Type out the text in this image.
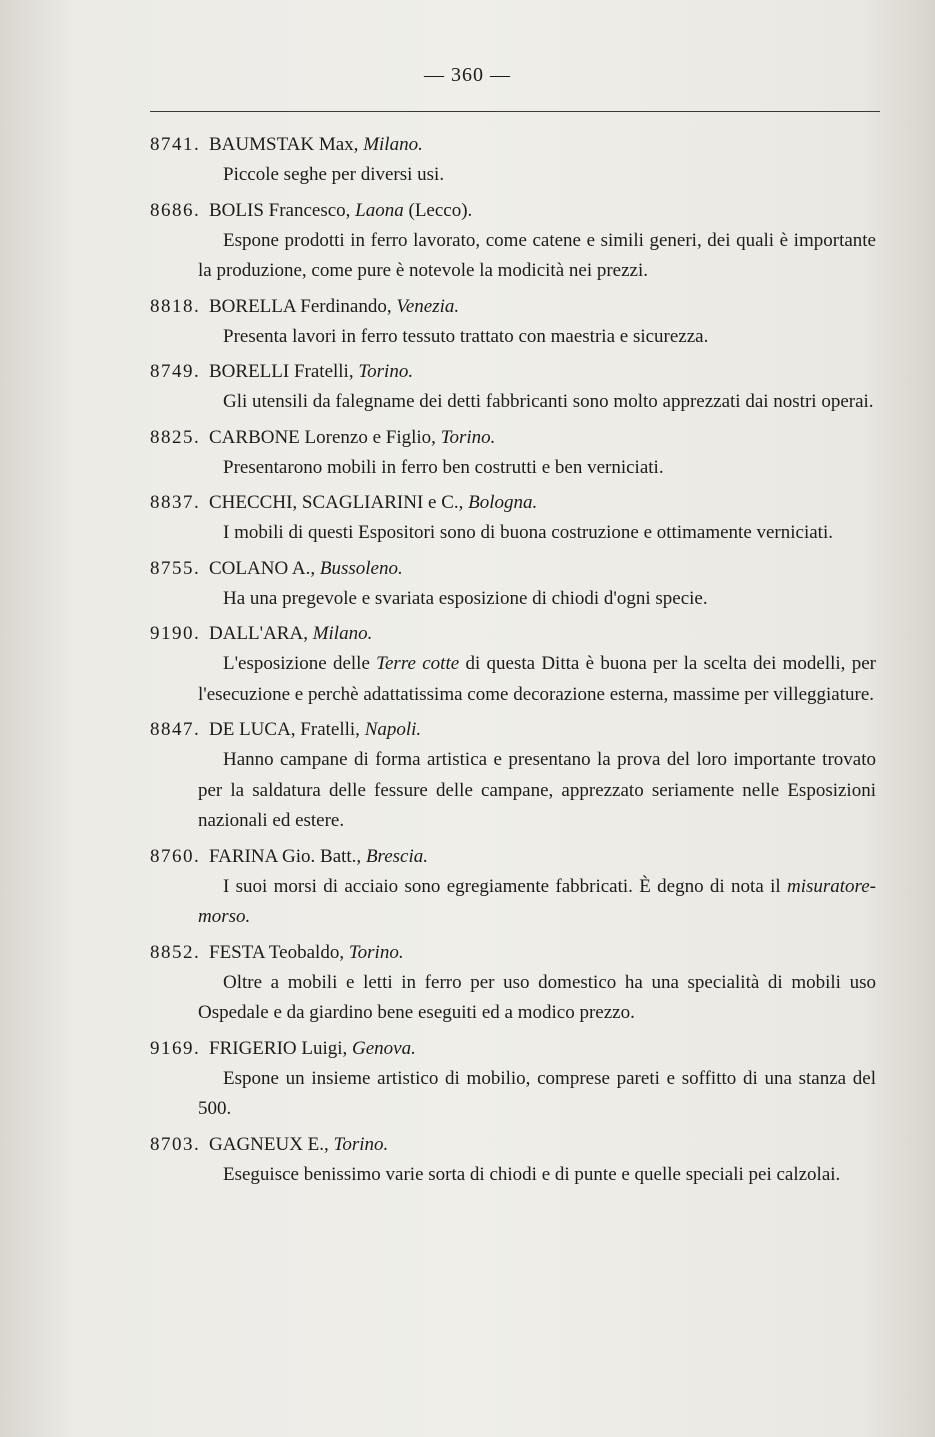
— 360 —
8741. BAUMSTAK Max, Milano.
Piccole seghe per diversi usi.
8686. BOLIS Francesco, Laona (Lecco).
Espone prodotti in ferro lavorato, come catene e simili generi, dei quali è importante la produzione, come pure è notevole la modicità nei prezzi.
8818. BORELLA Ferdinando, Venezia.
Presenta lavori in ferro tessuto trattato con maestria e sicurezza.
8749. BORELLI Fratelli, Torino.
Gli utensili da falegname dei detti fabbricanti sono molto apprezzati dai nostri operai.
8825. CARBONE Lorenzo e Figlio, Torino.
Presentarono mobili in ferro ben costrutti e ben verniciati.
8837. CHECCHI, SCAGLIARINI e C., Bologna.
I mobili di questi Espositori sono di buona costruzione e ottimamente verniciati.
8755. COLANO A., Bussoleno.
Ha una pregevole e svariata esposizione di chiodi d'ogni specie.
9190. DALL'ARA, Milano.
L'esposizione delle Terre cotte di questa Ditta è buona per la scelta dei modelli, per l'esecuzione e perchè adattatissima come decorazione esterna, massime per villeggiature.
8847. DE LUCA, Fratelli, Napoli.
Hanno campane di forma artistica e presentano la prova del loro importante trovato per la saldatura delle fessure delle campane, apprezzato seriamente nelle Esposizioni nazionali ed estere.
8760. FARINA Gio. Batt., Brescia.
I suoi morsi di acciaio sono egregiamente fabbricati. È degno di nota il misuratore-morso.
8852. FESTA Teobaldo, Torino.
Oltre a mobili e letti in ferro per uso domestico ha una specialità di mobili uso Ospedale e da giardino bene eseguiti ed a modico prezzo.
9169. FRIGERIO Luigi, Genova.
Espone un insieme artistico di mobilio, comprese pareti e soffitto di una stanza del 500.
8703. GAGNEUX E., Torino.
Eseguisce benissimo varie sorta di chiodi e di punte e quelle speciali pei calzolai.
